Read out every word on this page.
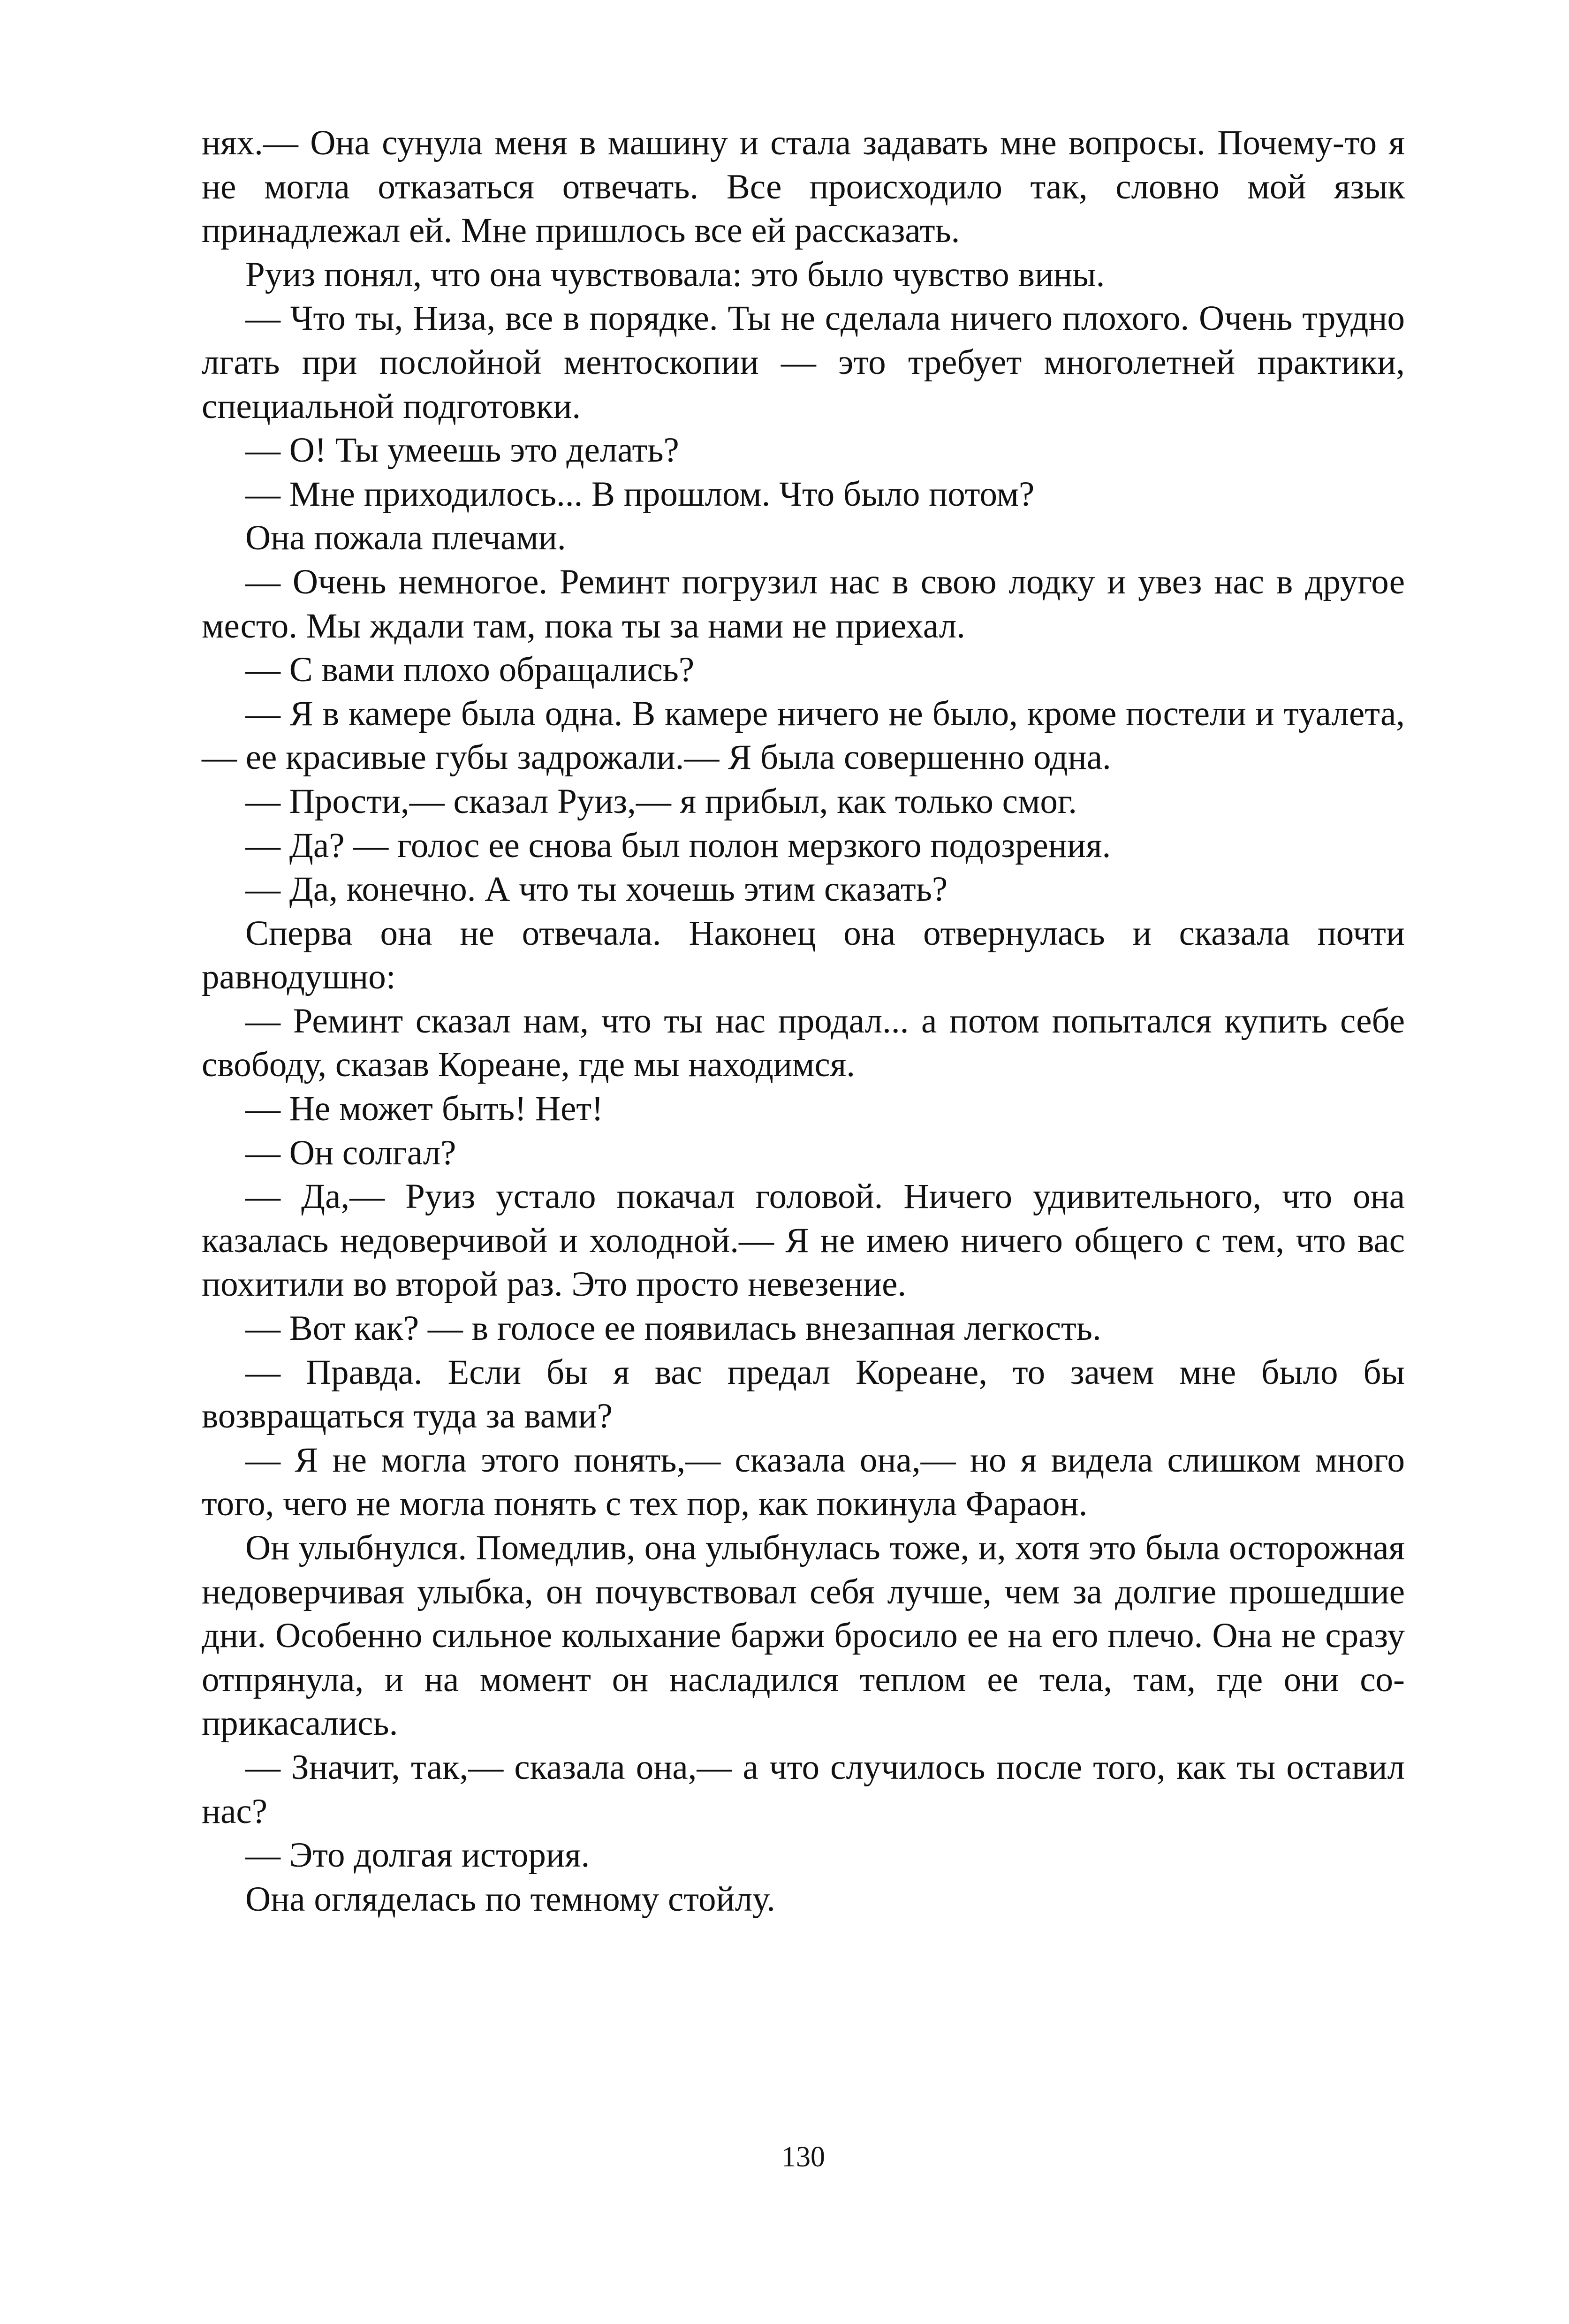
нях.— Она сунула меня в машину и стала задавать мне вопросы. Почему-то я не могла отказаться отвечать. Все происходило так, словно мой язык принадлежал ей. Мне пришлось все ей рассказать.

Руиз понял, что она чувствовала: это было чувство вины.

— Что ты, Низа, все в порядке. Ты не сделала ничего плохого. Очень трудно лгать при послойной ментоскопии — это требует многолетней практики, специальной подготовки.

— О! Ты умеешь это делать?

— Мне приходилось... В прошлом. Что было потом?

Она пожала плечами.

— Очень немногое. Реминт погрузил нас в свою лодку и увез нас в другое место. Мы ждали там, пока ты за нами не приехал.

— С вами плохо обращались?

— Я в камере была одна. В камере ничего не было, кроме постели и туалета,— ее красивые губы задрожали.— Я была совершенно одна.

— Прости,— сказал Руиз,— я прибыл, как только смог.

— Да? — голос ее снова был полон мерзкого подозрения.

— Да, конечно. А что ты хочешь этим сказать?

Сперва она не отвечала. Наконец она отвернулась и сказала почти равнодушно:

— Реминт сказал нам, что ты нас продал... а потом попытался купить себе свободу, сказав Кореане, где мы находимся.

— Не может быть! Нет!

— Он солгал?

— Да,— Руиз устало покачал головой. Ничего удивительного, что она казалась недоверчивой и холодной.— Я не имею ничего общего с тем, что вас похитили во второй раз. Это просто невезение.

— Вот как? — в голосе ее появилась внезапная легкость.

— Правда. Если бы я вас предал Кореане, то зачем мне было бы возвращаться туда за вами?

— Я не могла этого понять,— сказала она,— но я видела слишком много того, чего не могла понять с тех пор, как покинула Фараон.

Он улыбнулся. Помедлив, она улыбнулась тоже, и, хотя это была осторожная недоверчивая улыбка, он почувствовал себя лучше, чем за долгие прошедшие дни. Особенно сильное колыхание баржи бросило ее на его плечо. Она не сразу отпрянула, и на момент он насладился теплом ее тела, там, где они соприкасались.

— Значит, так,— сказала она,— а что случилось после того, как ты оставил нас?

— Это долгая история.

Она огляделась по темному стойлу.

130
